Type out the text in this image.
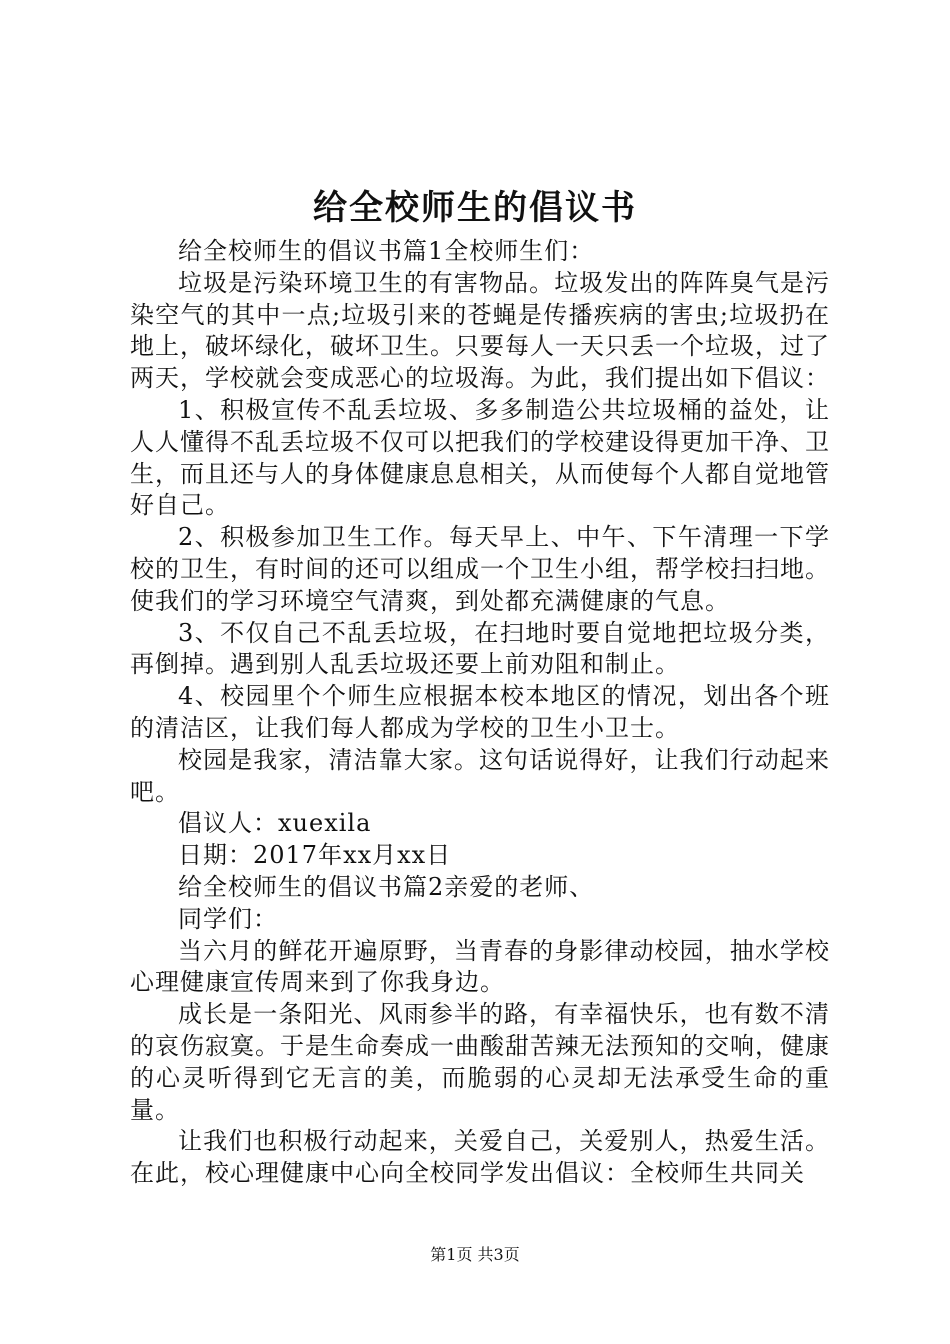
给全校师生的倡议书

给全校师生的倡议书篇1全校师生们：

垃圾是污染环境卫生的有害物品。垃圾发出的阵阵臭气是污染空气的其中一点;垃圾引来的苍蝇是传播疾病的害虫;垃圾扔在地上，破坏绿化，破坏卫生。只要每人一天只丢一个垃圾，过了两天，学校就会变成恶心的垃圾海。为此，我们提出如下倡议：

1、积极宣传不乱丢垃圾、多多制造公共垃圾桶的益处，让人人懂得不乱丢垃圾不仅可以把我们的学校建设得更加干净、卫生，而且还与人的身体健康息息相关，从而使每个人都自觉地管好自己。

2、积极参加卫生工作。每天早上、中午、下午清理一下学校的卫生，有时间的还可以组成一个卫生小组，帮学校扫扫地。使我们的学习环境空气清爽，到处都充满健康的气息。

3、不仅自己不乱丢垃圾，在扫地时要自觉地把垃圾分类，再倒掉。遇到别人乱丢垃圾还要上前劝阻和制止。

4、校园里个个师生应根据本校本地区的情况，划出各个班的清洁区，让我们每人都成为学校的卫生小卫士。

校园是我家，清洁靠大家。这句话说得好，让我们行动起来吧。

倡议人：xuexila

日期：2017年xx月xx日

给全校师生的倡议书篇2亲爱的老师、

同学们：

当六月的鲜花开遍原野，当青春的身影律动校园，抽水学校心理健康宣传周来到了你我身边。

成长是一条阳光、风雨参半的路，有幸福快乐，也有数不清的哀伤寂寞。于是生命奏成一曲酸甜苦辣无法预知的交响，健康的心灵听得到它无言的美，而脆弱的心灵却无法承受生命的重量。

让我们也积极行动起来，关爱自己，关爱别人，热爱生活。在此，校心理健康中心向全校同学发出倡议：全校师生共同关

第1页 共3页
